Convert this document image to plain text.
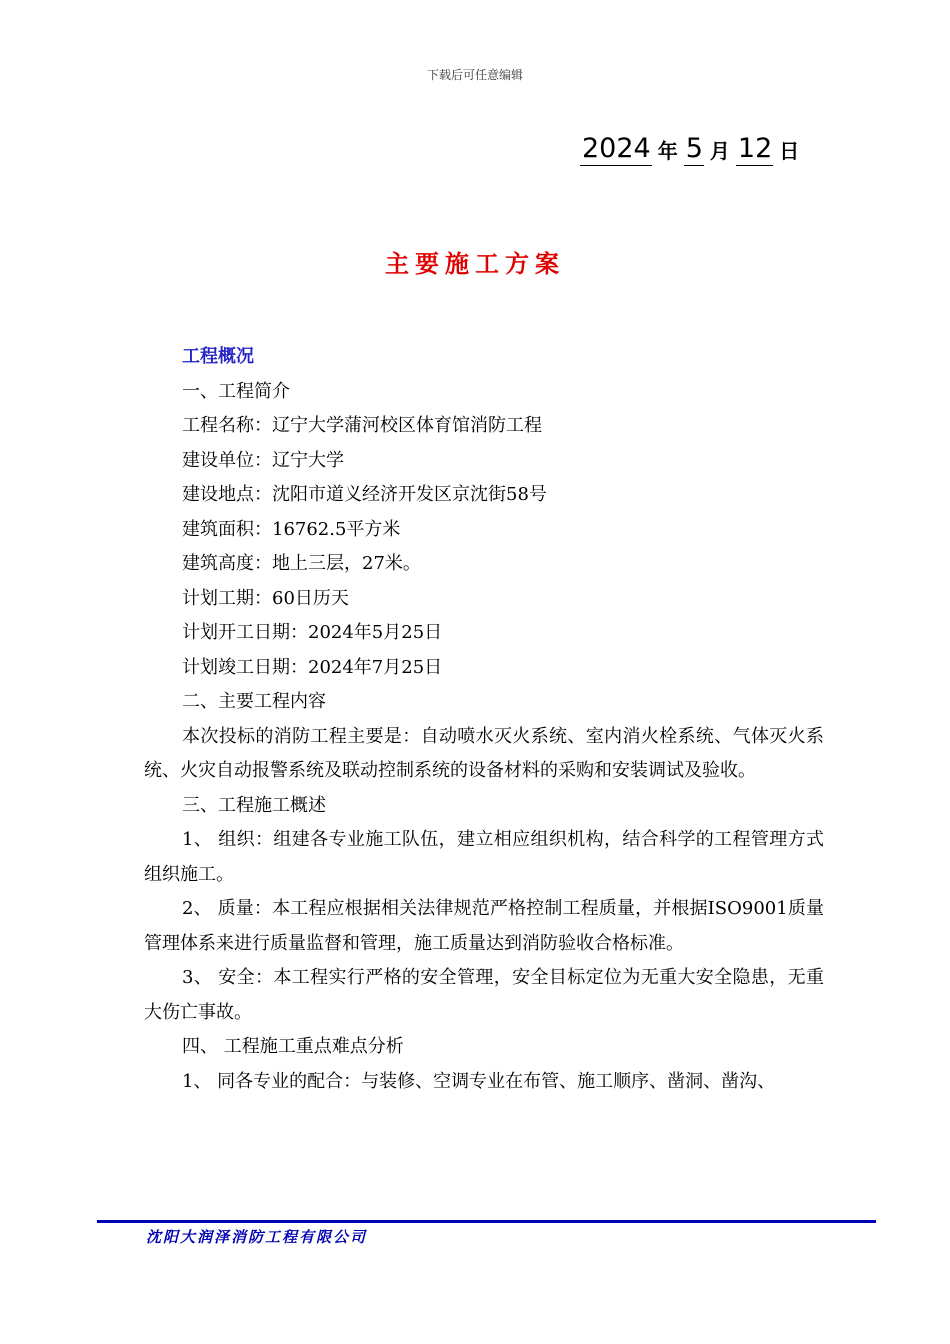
下载后可任意编辑
2024 年 5 月 12 日
主要施工方案

工程概况

一、工程简介

工程名称：辽宁大学蒲河校区体育馆消防工程

建设单位：辽宁大学

建设地点：沈阳市道义经济开发区京沈街58号

建筑面积：16762.5平方米

建筑高度：地上三层，27米。

计划工期：60日历天

计划开工日期：2024年5月25日

计划竣工日期：2024年7月25日

二、主要工程内容

本次投标的消防工程主要是：自动喷水灭火系统、室内消火栓系统、气体灭火系统、火灾自动报警系统及联动控制系统的设备材料的采购和安装调试及验收。

三、工程施工概述

1、 组织：组建各专业施工队伍，建立相应组织机构，结合科学的工程管理方式组织施工。

2、 质量：本工程应根据相关法律规范严格控制工程质量，并根据ISO9001质量管理体系来进行质量监督和管理，施工质量达到消防验收合格标准。

3、 安全：本工程实行严格的安全管理，安全目标定位为无重大安全隐患，无重大伤亡事故。

四、 工程施工重点难点分析

1、 同各专业的配合：与装修、空调专业在布管、施工顺序、凿洞、凿沟、

沈阳大润泽消防工程有限公司
